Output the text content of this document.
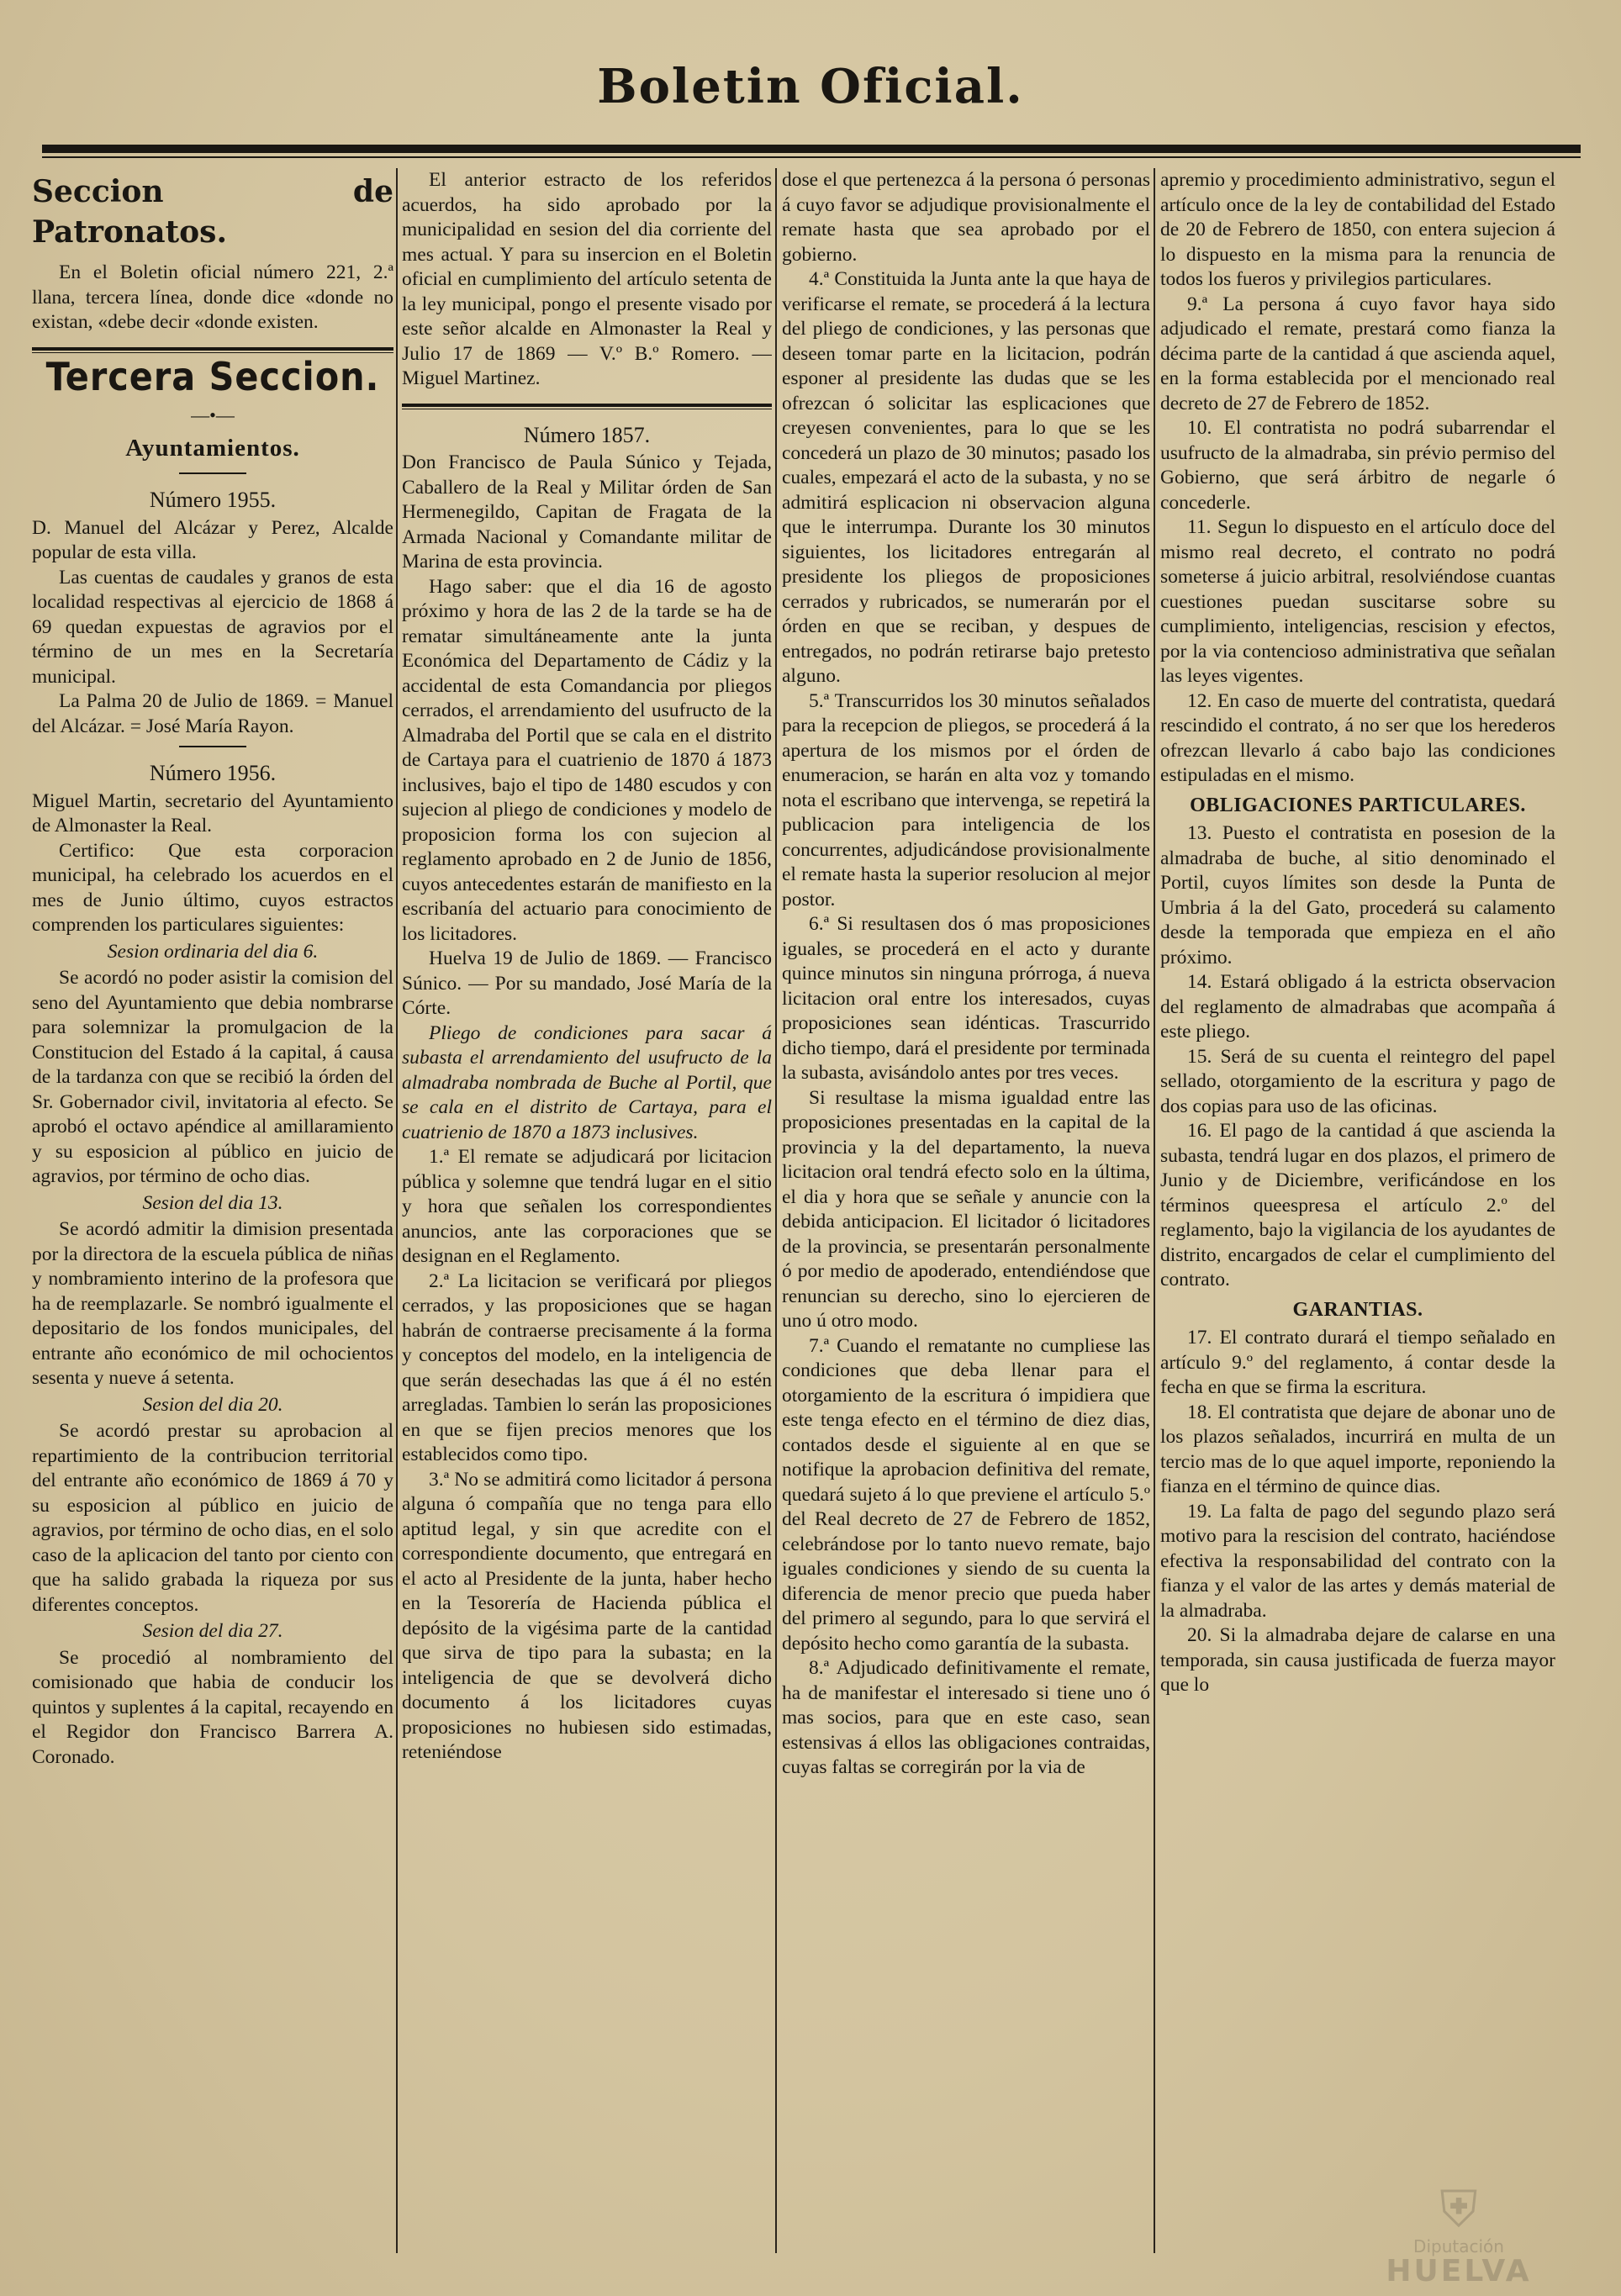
Boletin Oficial.
Seccion de Patronatos.

En el Boletin oficial número 221, 2.ª llana, tercera línea, donde dice «donde no existan, «debe decir «donde existen.

Tercera Seccion.
—•—
Ayuntamientos.
Número 1955.

D. Manuel del Alcázar y Perez, Alcalde popular de esta villa.

Las cuentas de caudales y granos de esta localidad respectivas al ejercicio de 1868 á 69 quedan expuestas de agravios por el término de un mes en la Secretaría municipal.

La Palma 20 de Julio de 1869. = Manuel del Alcázar. = José María Rayon.

Número 1956.

Miguel Martin, secretario del Ayuntamiento de Almonaster la Real.

Certifico: Que esta corporacion municipal, ha celebrado los acuerdos en el mes de Junio último, cuyos estractos comprenden los particulares siguientes:

Sesion ordinaria del dia 6.

Se acordó no poder asistir la comision del seno del Ayuntamiento que debia nombrarse para solemnizar la promulgacion de la Constitucion del Estado á la capital, á causa de la tardanza con que se recibió la órden del Sr. Gobernador civil, invitatoria al efecto. Se aprobó el octavo apéndice al amillaramiento y su esposicion al público en juicio de agravios, por término de ocho dias.

Sesion del dia 13.

Se acordó admitir la dimision presentada por la directora de la escuela pública de niñas y nombramiento interino de la profesora que ha de reemplazarle. Se nombró igualmente el depositario de los fondos municipales, del entrante año económico de mil ochocientos sesenta y nueve á setenta.

Sesion del dia 20.

Se acordó prestar su aprobacion al repartimiento de la contribucion territorial del entrante año económico de 1869 á 70 y su esposicion al público en juicio de agravios, por término de ocho dias, en el solo caso de la aplicacion del tanto por ciento con que ha salido grabada la riqueza por sus diferentes conceptos.

Sesion del dia 27.

Se procedió al nombramiento del comisionado que habia de conducir los quintos y suplentes á la capital, recayendo en el Regidor don Francisco Barrera A. Coronado.

El anterior estracto de los referidos acuerdos, ha sido aprobado por la municipalidad en sesion del dia corriente del mes actual. Y para su insercion en el Boletin oficial en cumplimiento del artículo setenta de la ley municipal, pongo el presente visado por este señor alcalde en Almonaster la Real y Julio 17 de 1869 — V.º B.º Romero. — Miguel Martinez.

Número 1857.

Don Francisco de Paula Súnico y Tejada, Caballero de la Real y Militar órden de San Hermenegildo, Capitan de Fragata de la Armada Nacional y Comandante militar de Marina de esta provincia.

Hago saber: que el dia 16 de agosto próximo y hora de las 2 de la tarde se ha de rematar simultáneamente ante la junta Económica del Departamento de Cádiz y la accidental de esta Comandancia por pliegos cerrados, el arrendamiento del usufructo de la Almadraba del Portil que se cala en el distrito de Cartaya para el cuatrienio de 1870 á 1873 inclusives, bajo el tipo de 1480 escudos y con sujecion al pliego de condiciones y modelo de proposicion forma los con sujecion al reglamento aprobado en 2 de Junio de 1856, cuyos antecedentes estarán de manifiesto en la escribanía del actuario para conocimiento de los licitadores.

Huelva 19 de Julio de 1869. — Francisco Súnico. — Por su mandado, José María de la Córte.

Pliego de condiciones para sacar á subasta el arrendamiento del usufructo de la almadraba nombrada de Buche al Portil, que se cala en el distrito de Cartaya, para el cuatrienio de 1870 a 1873 inclusives.

1.ª El remate se adjudicará por licitacion pública y solemne que tendrá lugar en el sitio y hora que señalen los correspondientes anuncios, ante las corporaciones que se designan en el Reglamento.

2.ª La licitacion se verificará por pliegos cerrados, y las proposiciones que se hagan habrán de contraerse precisamente á la forma y conceptos del modelo, en la inteligencia de que serán desechadas las que á él no estén arregladas. Tambien lo serán las proposiciones en que se fijen precios menores que los establecidos como tipo.

3.ª No se admitirá como licitador á persona alguna ó compañía que no tenga para ello aptitud legal, y sin que acredite con el correspondiente documento, que entregará en el acto al Presidente de la junta, haber hecho en la Tesorería de Hacienda pública el depósito de la vigésima parte de la cantidad que sirva de tipo para la subasta; en la inteligencia de que se devolverá dicho documento á los licitadores cuyas proposiciones no hubiesen sido estimadas, reteniéndose

dose el que pertenezca á la persona ó personas á cuyo favor se adjudique provisionalmente el remate hasta que sea aprobado por el gobierno.

4.ª Constituida la Junta ante la que haya de verificarse el remate, se procederá á la lectura del pliego de condiciones, y las personas que deseen tomar parte en la licitacion, podrán esponer al presidente las dudas que se les ofrezcan ó solicitar las esplicaciones que creyesen convenientes, para lo que se les concederá un plazo de 30 minutos; pasado los cuales, empezará el acto de la subasta, y no se admitirá esplicacion ni observacion alguna que le interrumpa. Durante los 30 minutos siguientes, los licitadores entregarán al presidente los pliegos de proposiciones cerrados y rubricados, se numerarán por el órden en que se reciban, y despues de entregados, no podrán retirarse bajo pretesto alguno.

5.ª Transcurridos los 30 minutos señalados para la recepcion de pliegos, se procederá á la apertura de los mismos por el órden de enumeracion, se harán en alta voz y tomando nota el escribano que intervenga, se repetirá la publicacion para inteligencia de los concurrentes, adjudicándose provisionalmente el remate hasta la superior resolucion al mejor postor.

6.ª Si resultasen dos ó mas proposiciones iguales, se procederá en el acto y durante quince minutos sin ninguna prórroga, á nueva licitacion oral entre los interesados, cuyas proposiciones sean idénticas. Trascurrido dicho tiempo, dará el presidente por terminada la subasta, avisándolo antes por tres veces.

Si resultase la misma igualdad entre las proposiciones presentadas en la capital de la provincia y la del departamento, la nueva licitacion oral tendrá efecto solo en la última, el dia y hora que se señale y anuncie con la debida anticipacion. El licitador ó licitadores de la provincia, se presentarán personalmente ó por medio de apoderado, entendiéndose que renuncian su derecho, sino lo ejercieren de uno ú otro modo.

7.ª Cuando el rematante no cumpliese las condiciones que deba llenar para el otorgamiento de la escritura ó impidiera que este tenga efecto en el término de diez dias, contados desde el siguiente al en que se notifique la aprobacion definitiva del remate, quedará sujeto á lo que previene el artículo 5.º del Real decreto de 27 de Febrero de 1852, celebrándose por lo tanto nuevo remate, bajo iguales condiciones y siendo de su cuenta la diferencia de menor precio que pueda haber del primero al segundo, para lo que servirá el depósito hecho como garantía de la subasta.

8.ª Adjudicado definitivamente el remate, ha de manifestar el interesado si tiene uno ó mas socios, para que en este caso, sean estensivas á ellos las obligaciones contraidas, cuyas faltas se corregirán por la via de

apremio y procedimiento administrativo, segun el artículo once de la ley de contabilidad del Estado de 20 de Febrero de 1850, con entera sujecion á lo dispuesto en la misma para la renuncia de todos los fueros y privilegios particulares.

9.ª La persona á cuyo favor haya sido adjudicado el remate, prestará como fianza la décima parte de la cantidad á que ascienda aquel, en la forma establecida por el mencionado real decreto de 27 de Febrero de 1852.

10. El contratista no podrá subarrendar el usufructo de la almadraba, sin prévio permiso del Gobierno, que será árbitro de negarle ó concederle.

11. Segun lo dispuesto en el artículo doce del mismo real decreto, el contrato no podrá someterse á juicio arbitral, resolviéndose cuantas cuestiones puedan suscitarse sobre su cumplimiento, inteligencias, rescision y efectos, por la via contencioso administrativa que señalan las leyes vigentes.

12. En caso de muerte del contratista, quedará rescindido el contrato, á no ser que los herederos ofrezcan llevarlo á cabo bajo las condiciones estipuladas en el mismo.

OBLIGACIONES PARTICULARES.

13. Puesto el contratista en posesion de la almadraba de buche, al sitio denominado el Portil, cuyos límites son desde la Punta de Umbria á la del Gato, procederá su calamento desde la temporada que empieza en el año próximo.

14. Estará obligado á la estricta observacion del reglamento de almadrabas que acompaña á este pliego.

15. Será de su cuenta el reintegro del papel sellado, otorgamiento de la escritura y pago de dos copias para uso de las oficinas.

16. El pago de la cantidad á que ascienda la subasta, tendrá lugar en dos plazos, el primero de Junio y de Diciembre, verificándose en los términos queespresa el artículo 2.º del reglamento, bajo la vigilancia de los ayudantes de distrito, encargados de celar el cumplimiento del contrato.

GARANTIAS.

17. El contrato durará el tiempo señalado en artículo 9.º del reglamento, á contar desde la fecha en que se firma la escritura.

18. El contratista que dejare de abonar uno de los plazos señalados, incurrirá en multa de un tercio mas de lo que aquel importe, reponiendo la fianza en el término de quince dias.

19. La falta de pago del segundo plazo será motivo para la rescision del contrato, haciéndose efectiva la responsabilidad del contrato con la fianza y el valor de las artes y demás material de la almadraba.

20. Si la almadraba dejare de calarse en una temporada, sin causa justificada de fuerza mayor que lo

⛨
Diputación
HUELVA
